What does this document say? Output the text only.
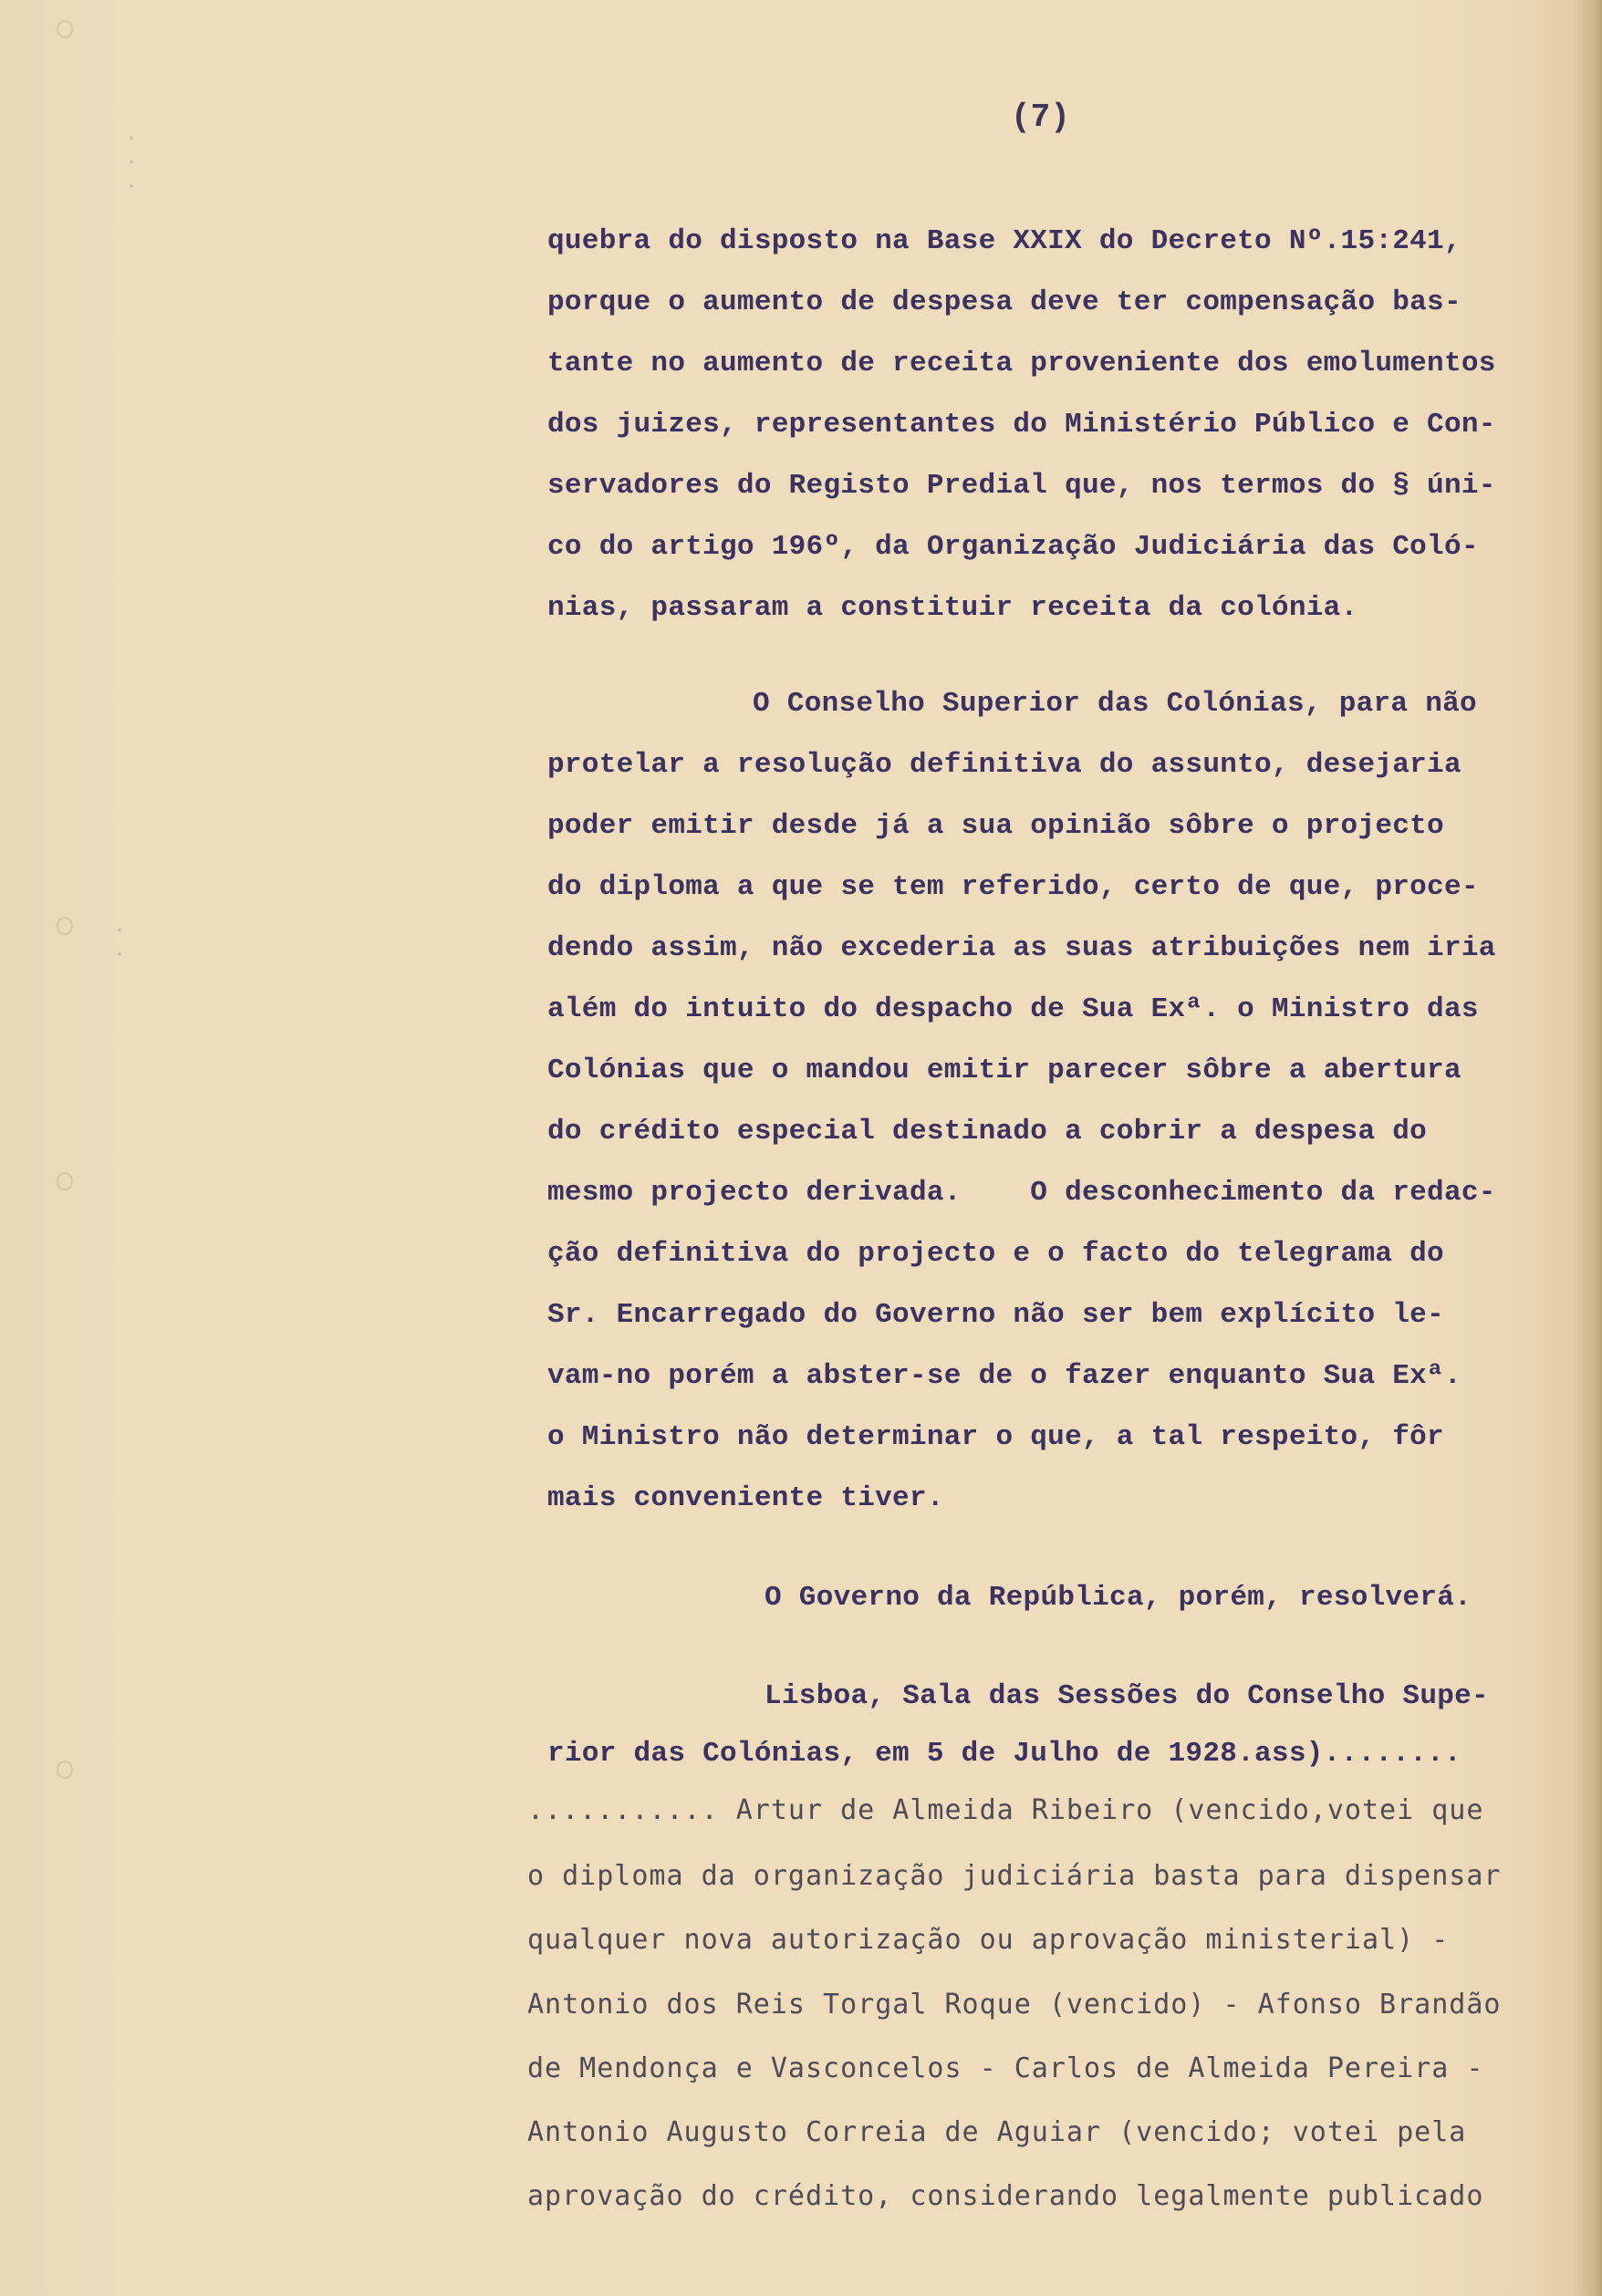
· · ·
· ·
(7)
quebra do disposto na Base XXIX do Decreto Nº.15:241,
porque o aumento de despesa deve ter compensação bas-
tante no aumento de receita proveniente dos emolumentos
dos juizes, representantes do Ministério Público e Con-
servadores do Registo Predial que, nos termos do § úni-
co do artigo 196º, da Organização Judiciária das Coló-
nias, passaram a constituir receita da colónia.
O Conselho Superior das Colónias, para não
protelar a resolução definitiva do assunto, desejaria
poder emitir desde já a sua opinião sôbre o projecto
do diploma a que se tem referido, certo de que, proce-
dendo assim, não excederia as suas atribuições nem iria
além do intuito do despacho de Sua Exª. o Ministro das
Colónias que o mandou emitir parecer sôbre a abertura
do crédito especial destinado a cobrir a despesa do
mesmo projecto derivada.    O desconhecimento da redac-
ção definitiva do projecto e o facto do telegrama do
Sr. Encarregado do Governo não ser bem explícito le-
vam-no porém a abster-se de o fazer enquanto Sua Exª.
o Ministro não determinar o que, a tal respeito, fôr
mais conveniente tiver.
O Governo da República, porém, resolverá.
Lisboa, Sala das Sessões do Conselho Supe-
rior das Colónias, em 5 de Julho de 1928.ass)........
........... Artur de Almeida Ribeiro (vencido,votei que
o diploma da organização judiciária basta para dispensar
qualquer nova autorização ou aprovação ministerial) -
Antonio dos Reis Torgal Roque (vencido) - Afonso Brandão
de Mendonça e Vasconcelos - Carlos de Almeida Pereira -
Antonio Augusto Correia de Aguiar (vencido; votei pela
aprovação do crédito, considerando legalmente publicado
